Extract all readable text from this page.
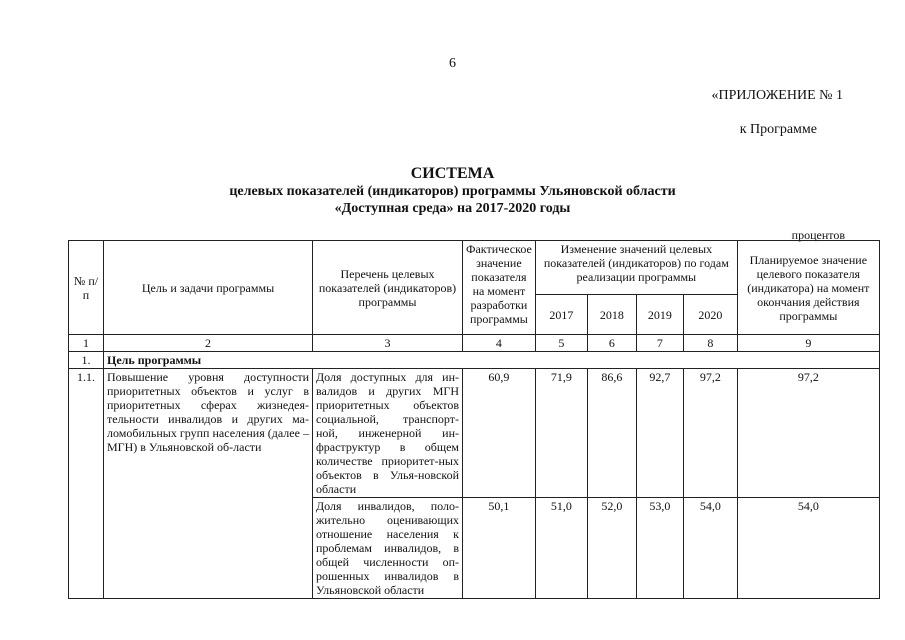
6
«ПРИЛОЖЕНИЕ № 1
к Программе
СИСТЕМА
целевых показателей (индикаторов) программы Ульяновской области
«Доступная среда» на 2017-2020 годы
процентов
№ п/п	Цель и задачи программы	Перечень целевых показателей (индикаторов) программы	Фактическое значение показателя на момент разработки программы	Изменение значений целевых показателей (индикаторов) по годам реализации программы				Планируемое значение целевого показателя (индикатора) на момент окончания действия программы
				2017	2018	2019	2020	
1	2	3	4	5	6	7	8	9
1.	Цель программы							
1.1.	Повышение уровня доступности приоритетных объектов и услуг в приоритетных сферах жизнедея-тельности инвалидов и других ма-ломобильных групп населения (далее – МГН) в Ульяновской об-ласти	Доля доступных для ин-валидов и других МГН приоритетных объектов социальной, транспорт-ной, инженерной ин-фраструктур в общем количестве приоритет-ных объектов в Улья-новской области	60,9	71,9	86,6	92,7	97,2	97,2
		Доля инвалидов, поло-жительно оценивающих отношение населения к проблемам инвалидов, в общей численности оп-рошенных инвалидов в Ульяновской области	50,1	51,0	52,0	53,0	54,0	54,0
